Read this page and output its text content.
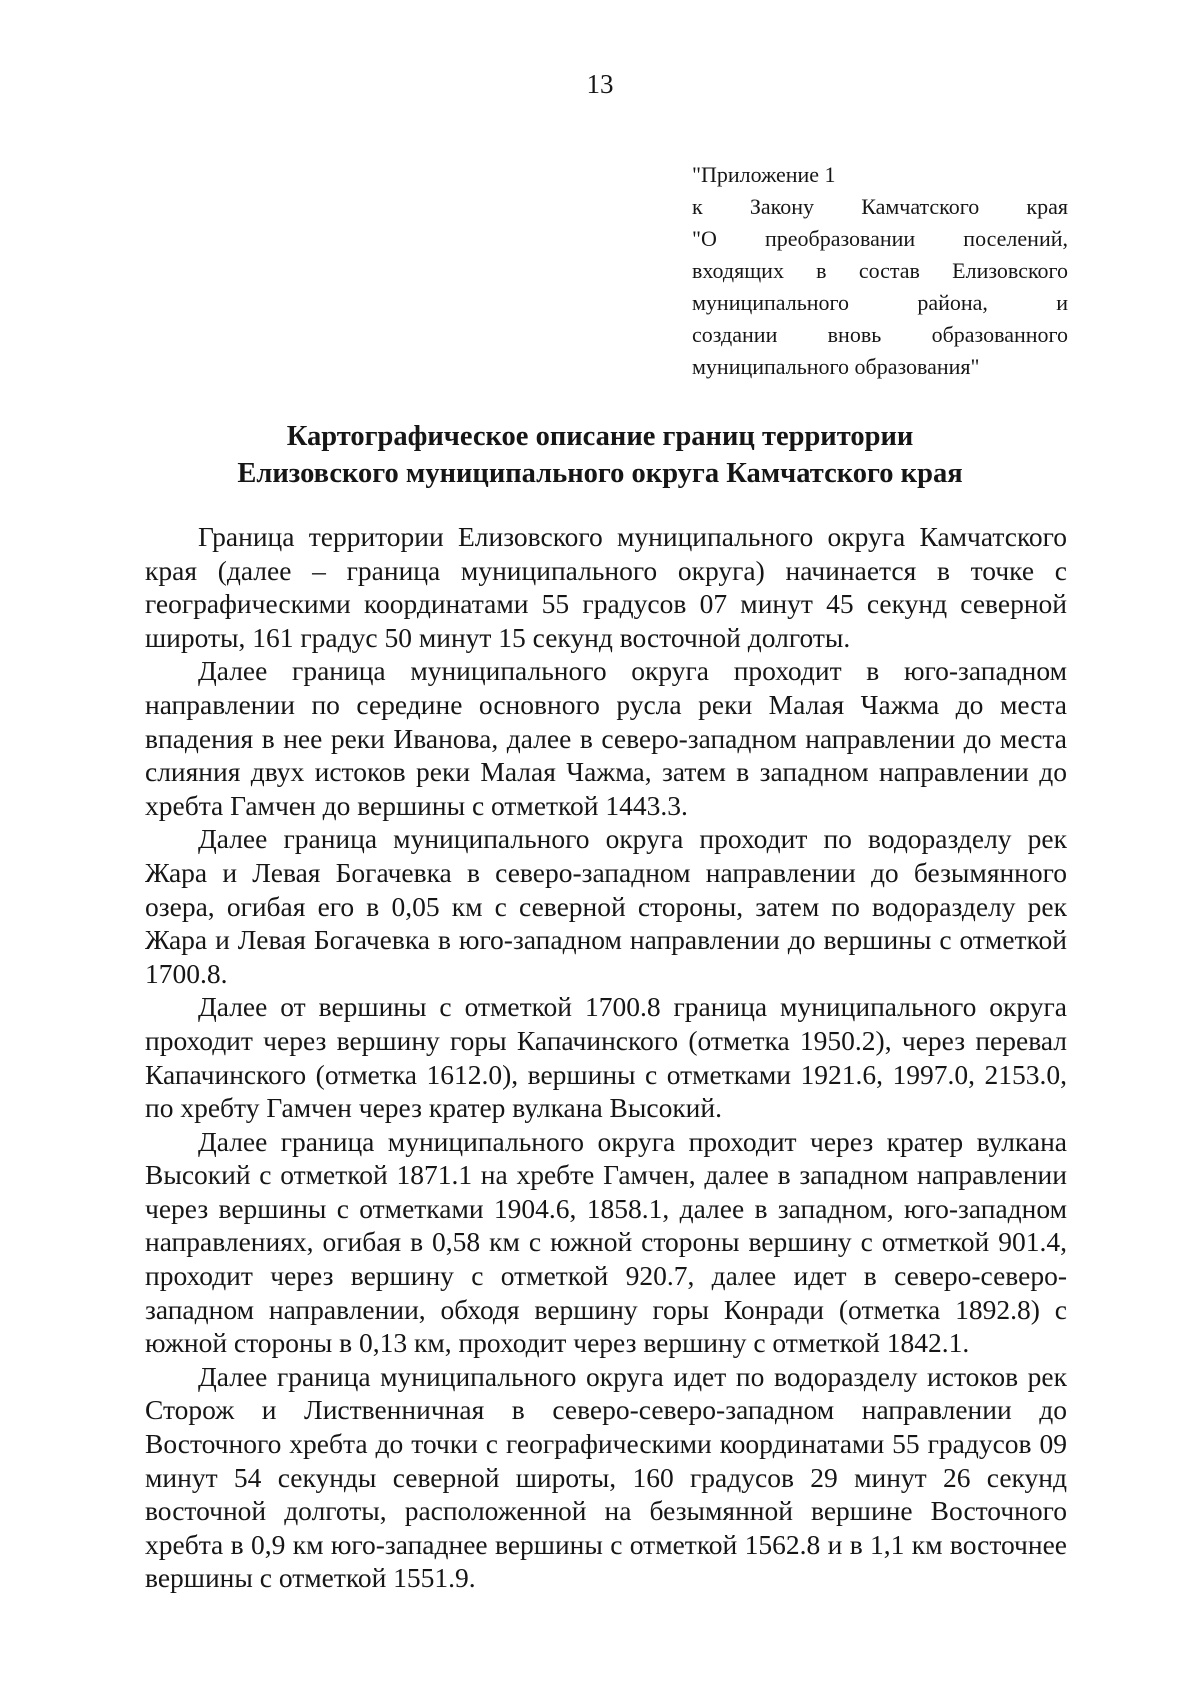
13
"Приложение 1
к Закону Камчатского края
"О преобразовании поселений,
входящих в состав Елизовского
муниципального района, и
создании вновь образованного
муниципального образования"
Картографическое описание границ территории
Елизовского муниципального округа Камчатского края

Граница территории Елизовского муниципального округа Камчатского края (далее – граница муниципального округа) начинается в точке с географическими координатами 55 градусов 07 минут 45 секунд северной широты, 161 градус 50 минут 15 секунд восточной долготы.

Далее граница муниципального округа проходит в юго-западном направлении по середине основного русла реки Малая Чажма до места впадения в нее реки Иванова, далее в северо-западном направлении до места слияния двух истоков реки Малая Чажма, затем в западном направлении до хребта Гамчен до вершины с отметкой 1443.3.

Далее граница муниципального округа проходит по водоразделу рек Жара и Левая Богачевка в северо-западном направлении до безымянного озера, огибая его в 0,05 км с северной стороны, затем по водоразделу рек Жара и Левая Богачевка в юго-западном направлении до вершины с отметкой 1700.8.

Далее от вершины с отметкой 1700.8 граница муниципального округа проходит через вершину горы Капачинского (отметка 1950.2), через перевал Капачинского (отметка 1612.0), вершины с отметками 1921.6, 1997.0, 2153.0, по хребту Гамчен через кратер вулкана Высокий.

Далее граница муниципального округа проходит через кратер вулкана Высокий с отметкой 1871.1 на хребте Гамчен, далее в западном направлении через вершины с отметками 1904.6, 1858.1, далее в западном, юго-западном направлениях, огибая в 0,58 км с южной стороны вершину с отметкой 901.4, проходит через вершину с отметкой 920.7, далее идет в северо-северо-западном направлении, обходя вершину горы Конради (отметка 1892.8) с южной стороны в 0,13 км, проходит через вершину с отметкой 1842.1.

Далее граница муниципального округа идет по водоразделу истоков рек Сторож и Лиственничная в северо-северо-западном направлении до Восточного хребта до точки с географическими координатами 55 градусов 09 минут 54 секунды северной широты, 160 градусов 29 минут 26 секунд восточной долготы, расположенной на безымянной вершине Восточного хребта в 0,9 км юго-западнее вершины с отметкой 1562.8 и в 1,1 км восточнее вершины с отметкой 1551.9.
